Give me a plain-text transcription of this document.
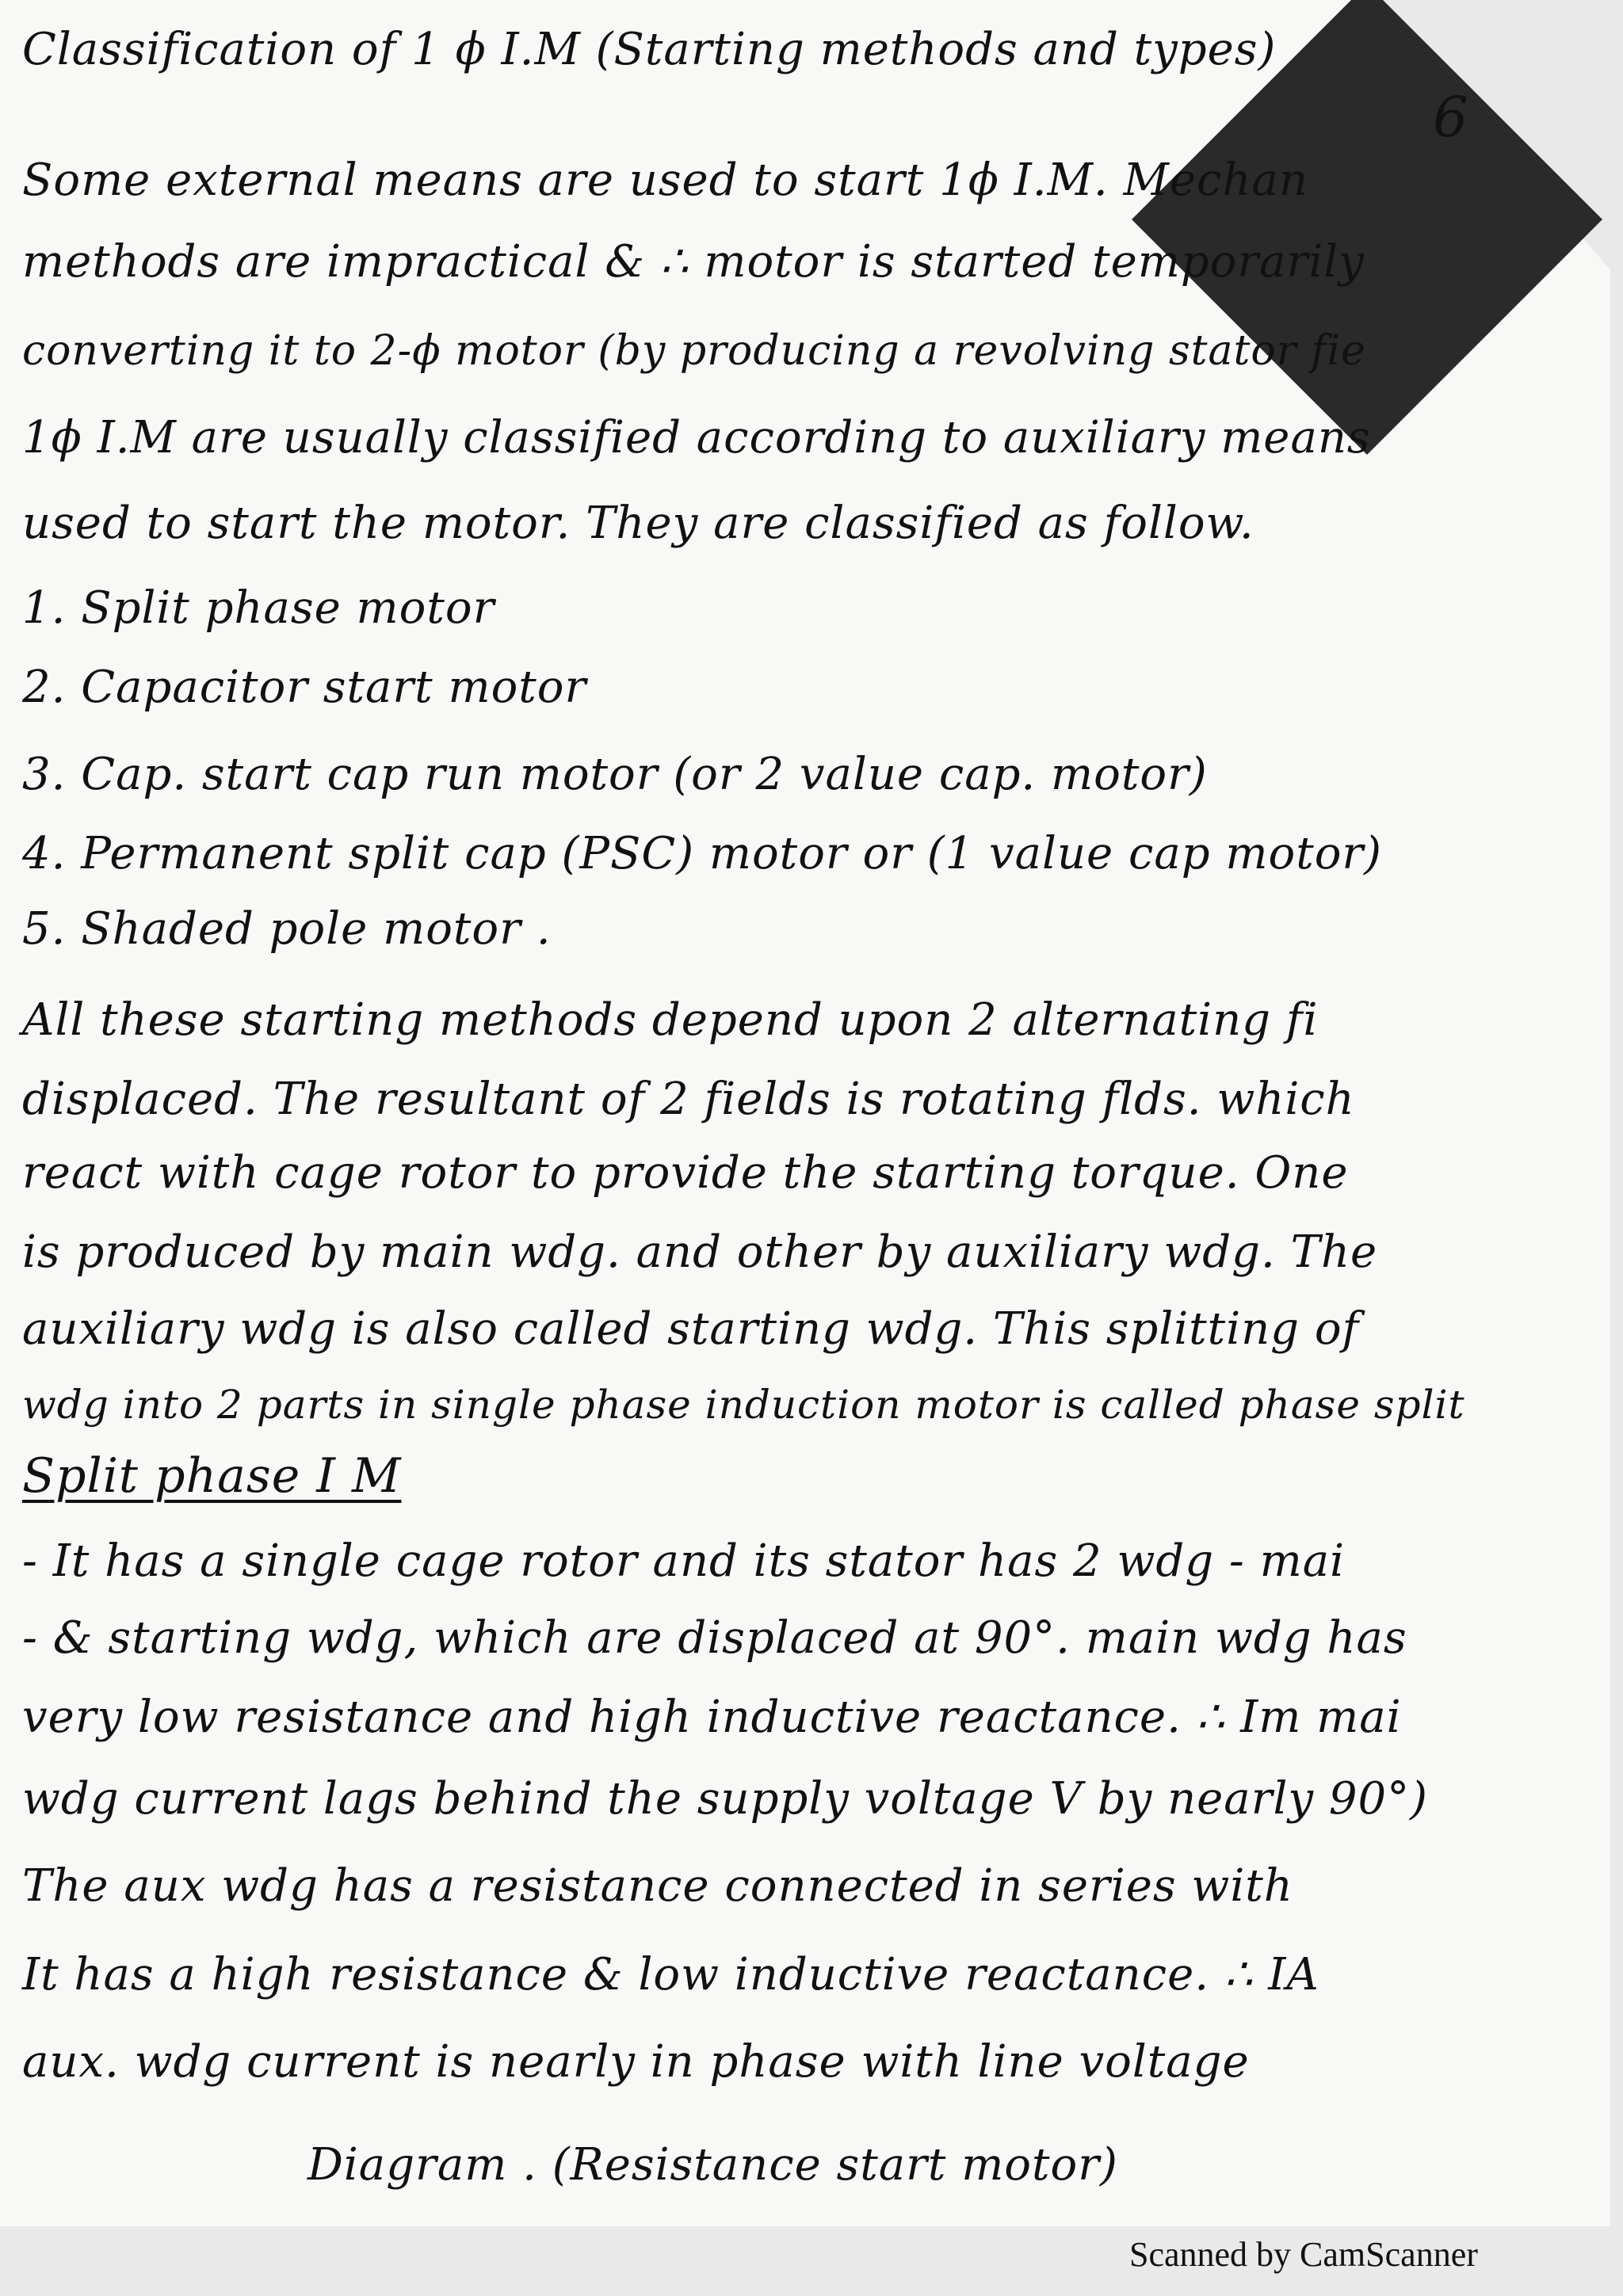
Classification of 1 ϕ I.M (Starting methods and types)
6
Some external means are used to start 1ϕ I.M. Mechan
methods are impractical & ∴ motor is started temporarily
converting it to 2-ϕ motor (by producing a revolving stator fie
1ϕ I.M are usually classified according to auxiliary means
used to start the motor. They are classified as follow.
1. Split phase motor
2. Capacitor start motor
3. Cap. start cap run motor (or 2 value cap. motor)
4. Permanent split cap (PSC) motor or (1 value cap motor)
5. Shaded pole motor .
All these starting methods depend upon 2 alternating fi
displaced. The resultant of 2 fields is rotating flds. which
react with cage rotor to provide the starting torque. One
is produced by main wdg. and other by auxiliary wdg. The
auxiliary wdg is also called starting wdg. This splitting of
wdg into 2 parts in single phase induction motor is called phase split
Split phase I M
- It has a single cage rotor and its stator has 2 wdg - mai
- & starting wdg, which are displaced at 90°. main wdg has
very low resistance and high inductive reactance. ∴ Im mai
wdg current lags behind the supply voltage V by nearly 90°)
The aux wdg has a resistance connected in series with
It has a high resistance & low inductive reactance. ∴ IA
aux. wdg current is nearly in phase with line voltage
Diagram . (Resistance start motor)
Scanned by CamScanner
